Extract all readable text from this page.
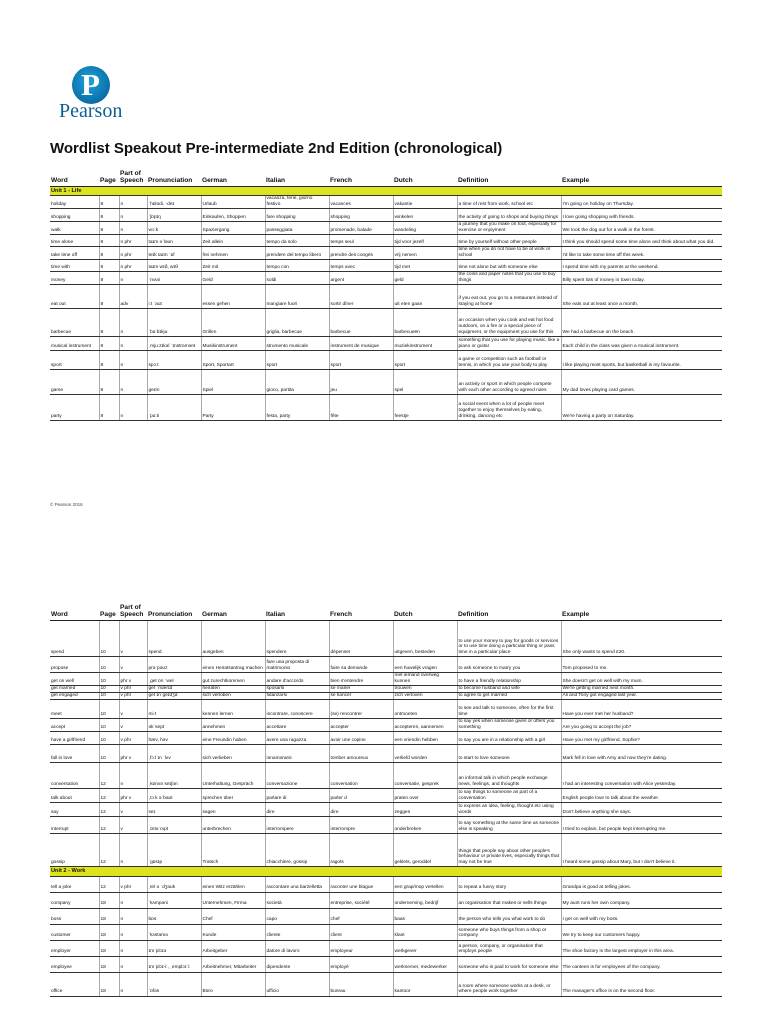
P
Pearson
Wordlist Speakout Pre-intermediate 2nd Edition (chronological)
Word	Page	Part of Speech	Pronunciation	German	Italian	French	Dutch	Definition	Example
Unit 1 - Life									
holiday	8	n	ˈhɒlədi, -deɪ	Urlaub	vacanza, ferie, giorno festivo	vacances	vakantie	a time of rest from work, school etc	I'm going on holiday on Thursday.
shopping	8	n	ˈʃɒpɪŋ	Einkaufen, Shoppen	fare shopping	shopping	winkelen	the activity of going to shops and buying things	I love going shopping with friends.
walk	8	n	wɔːk	Spaziergang	passeggiata	promenade, balade	wandeling	a journey that you make on foot, especially for exercise or enjoyment	We took the dog out for a walk in the forest.
time alone	8	n phr	taɪm əˈləʊn	Zeit allein	tempo da solo	temps seul	tijd voor jezelf	time by yourself without other people	I think you should spend some time alone and think about what you did.
take time off	8	n phr	teɪk taɪm ˈɒf	frei nehmen	prendere del tempo libero	prendre des congés	vrij nemen	time when you do not have to be at work or school	I'd like to take some time off this week.
time with	8	n phr	taɪm wɪð, wɪθ	Zeit mit	tempo con	temps avec	tijd met	time not alone but with someone else	I spend time with my parents at the weekend.
money	8	n	ˈmʌni	Geld	soldi	argent	geld	the coins and paper notes that you use to buy things	Billy spent lots of money in town today.
eat out	8	adv	iːt ˈaʊt	essen gehen	mangiare fuori	sortir dîner	uit eten gaan	if you eat out, you go to a restaurant instead of staying at home	She eats out at least once a month.
barbecue	8	n	ˈbɑːbɪkjuː	Grillen	griglia, barbecue	barbecue	barbecueën	an occasion when you cook and eat hot food outdoors, on a fire or a special piece of equipment, or the equipment you use for this	We had a barbecue on the beach.
musical instrument	8	n	ˌmjuːzɪkəl ˈɪnstrəmənt	Musikinstrument	strumento musicale	instrument de musique	muziekinstrument	something that you use for playing music, like a piano or guitar	Each child in the class was given a musical instrument.
sport	8	n	spɔːt	Sport, Sportart	sport	sport	sport	a game or competition such as football or tennis, in which you use your body to play	I like playing most sports, but basketball is my favourite.
game	8	n	ɡeɪm	Spiel	gioco, partita	jeu	spel	an activity or sport in which people compete with each other according to agreed rules	My dad loves playing card games.
party	8	n	ˈpɑːti	Party	festa, party	fête	feestje	a social event when a lot of people meet together to enjoy themselves by eating, drinking, dancing etc	We're having a party on Saturday.
© Pearson 2016
Word	Page	Part of Speech	Pronunciation	German	Italian	French	Dutch	Definition	Example
spend	10	v	spend	ausgeben	spendere	dépenser	uitgeven, besteden	to use your money to pay for goods or services or to use time doing a particular thing or pass time in a particular place	She only wants to spend £20.
propose	10	v	prəˈpəʊz	einen Heiratsantrag machen	fare una proposta di matrimonio	faire sa demande	een huwelijk vragen	to ask someone to marry you	Tom proposed to me.
get on well	10	phr v	ˌɡet ɒn ˈwel	gut zurechtkommen	andare d'accordo	bien s'entendre	met iemand overweg kunnen	to have a friendly relationship	She doesn't get on well with my mum.
get married	10	v phr	ɡet ˈmærɪd	heiraten	sposarsi	se marier	trouwen	to become husband and wife	We're getting married next month.
get engaged	10	v phr	ɡet ɪnˈɡeɪdʒd	sich verloben	fidanzarsi	se fiancer	zich verloven	to agree to get married	Ali and Tony got engaged last year.
meet	10	v	miːt	kennen lernen	incontrare, conoscere	(se) rencontrer	ontmoeten	to see and talk to someone, often for the first time	Have you ever met her husband?
accept	10	v	əkˈsept	annehmen	accettare	accepter	accepteren, aannemen	to say yes when someone gives or offers you something	Are you going to accept the job?
have a girlfriend	10	v phr	hæv, həv	eine Freundin haben	avere una ragazza	avoir une copine	een vriendin hebben	to say you are in a relationship with a girl	Have you met my girlfriend, Sophie?
fall in love	10	phr v	ˌfɔːl ɪn ˈlʌv	sich verlieben	innamorarsi	tomber amoureux	verliefd worden	to start to love someone	Mark fell in love with Amy and now they're dating.
conversation	12	n	ˌkɒnvəˈseɪʃən	Unterhaltung, Gespräch	conversazione	conversation	conversatie, gesprek	an informal talk in which people exchange news, feelings, and thoughts	I had an interesting conversation with Alice yesterday.
talk about	12	phr v	ˌtɔːk əˈbaʊt	sprechen über	parlare di	parler d	praten over	to say things to someone as part of a conversation	English people love to talk about the weather.
say	12	v	seɪ	sagen	dire	dire	zeggen	to express an idea, feeling, thought etc using words	Don't believe anything she says.
interrupt	12	v	ˌɪntəˈrʌpt	unterbrechen	interrompere	interrompre	onderbreken	to say something at the same time as someone else is speaking	I tried to explain, but people kept interrupting me.
gossip	12	n	ˈɡɒsɪp	Tratsch	chiacchiere, gossip	ragots	geklets, geroddel	things that people say about other people's behaviour or private lives, especially things that may not be true	I heard some gossip about Mary, but I don't believe it.
Unit 2 - Work									
tell a joke	12	v phr	ˌtel ə ˈdʒəʊk	einen Witz erzählen	raccontare una barzelletta	raconter une blague	een grap/mop vertellen	to repeat a funny story	Grandpa is good at telling jokes.
company	18	n	ˈkʌmpəni	Unternehmen, Firma	società	entreprise, société	onderneming, bedrijf	an organisation that makes or sells things	My aunt runs her own company.
boss	18	n	bɒs	Chef	capo	chef	baas	the person who tells you what work to do	I get on well with my boss.
customer	18	n	ˈkʌstəmə	Kunde	cliente	client	klant	someone who buys things from a shop or company	We try to keep our customers happy.
employer	18	n	ɪmˈplɔɪə	Arbeitgeber	datore di lavoro	employeur	werkgever	a person, company, or organisation that employs people	The shoe factory is the largest employer in this area.
employee	18	n	ɪmˈplɔɪ-iː, ˌemplɔɪˈiː	Arbeitnehmer, Mitarbeiter	dipendente	employé	werknemer, medewerker	someone who is paid to work for someone else	The canteen is for employees of the company.
office	18	n	ˈɒfəs	Büro	ufficio	bureau	kantoor	a room where someone works at a desk, or where people work together	The manager's office is on the second floor.
